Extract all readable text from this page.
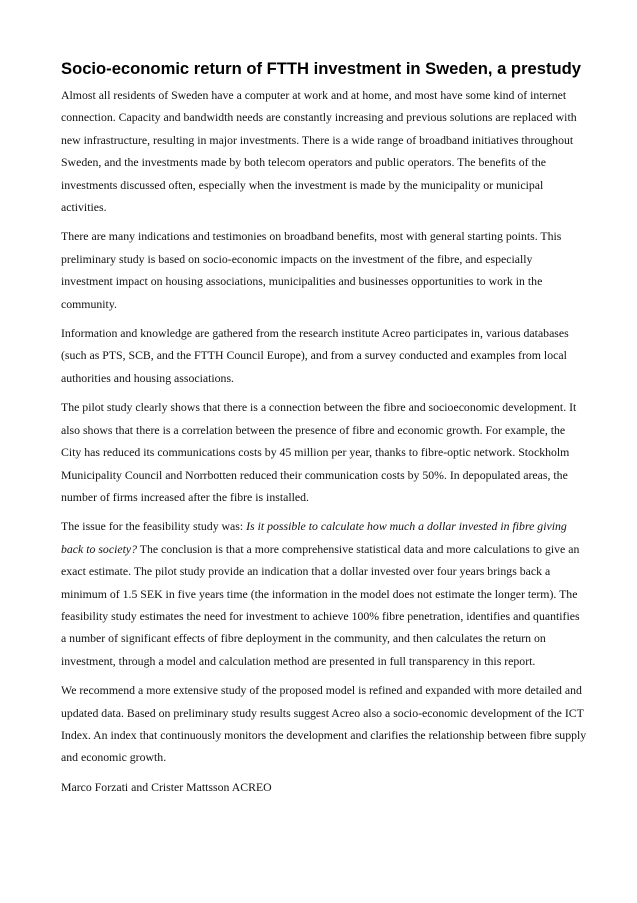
Socio-economic return of FTTH investment in Sweden, a prestudy

Almost all residents of Sweden have a computer at work and at home, and most have some kind of internet connection. Capacity and bandwidth needs are constantly increasing and previous solutions are replaced with new infrastructure, resulting in major investments. There is a wide range of broadband initiatives throughout Sweden, and the investments made by both telecom operators and public operators. The benefits of the investments discussed often, especially when the investment is made by the municipality or municipal activities.

There are many indications and testimonies on broadband benefits, most with general starting points. This preliminary study is based on socio-economic impacts on the investment of the fibre, and especially investment impact on housing associations, municipalities and businesses opportunities to work in the community.

Information and knowledge are gathered from the research institute Acreo participates in, various databases (such as PTS, SCB, and the FTTH Council Europe), and from a survey conducted and examples from local authorities and housing associations.

The pilot study clearly shows that there is a connection between the fibre and socioeconomic development. It also shows that there is a correlation between the presence of fibre and economic growth. For example, the City has reduced its communications costs by 45 million per year, thanks to fibre-optic network. Stockholm Municipality Council and Norrbotten reduced their communication costs by 50%. In depopulated areas, the number of firms increased after the fibre is installed.

The issue for the feasibility study was: Is it possible to calculate how much a dollar invested in fibre giving back to society? The conclusion is that a more comprehensive statistical data and more calculations to give an exact estimate. The pilot study provide an indication that a dollar invested over four years brings back a minimum of 1.5 SEK in five years time (the information in the model does not estimate the longer term). The feasibility study estimates the need for investment to achieve 100% fibre penetration, identifies and quantifies a number of significant effects of fibre deployment in the community, and then calculates the return on investment, through a model and calculation method are presented in full transparency in this report.

We recommend a more extensive study of the proposed model is refined and expanded with more detailed and updated data. Based on preliminary study results suggest Acreo also a socio-economic development of the ICT Index. An index that continuously monitors the development and clarifies the relationship between fibre supply and economic growth.

Marco Forzati and Crister Mattsson ACREO
